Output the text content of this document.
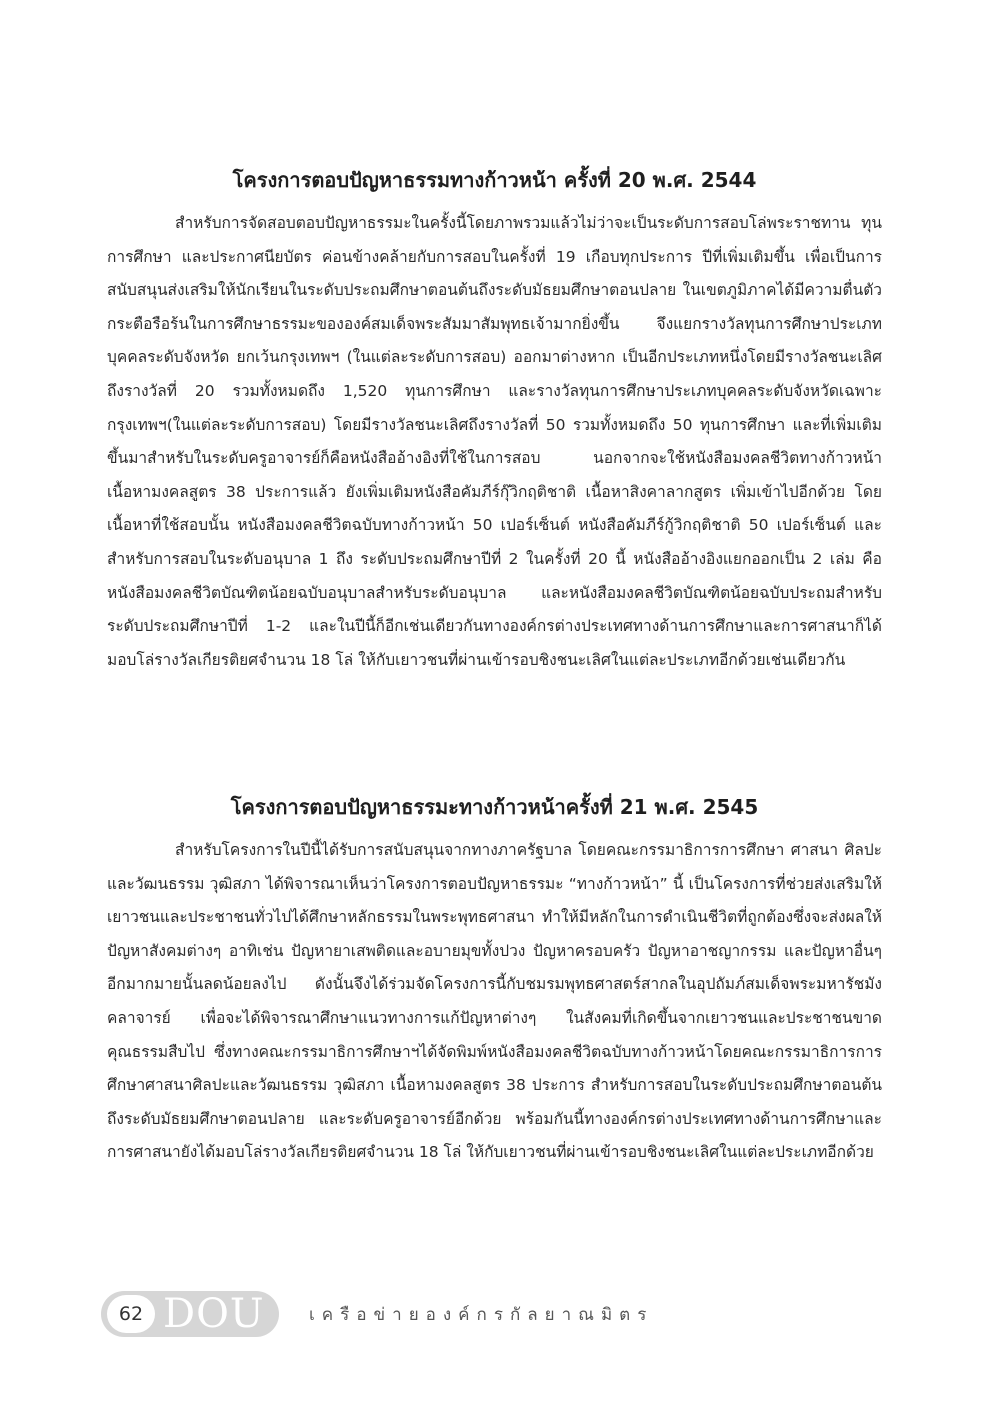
โครงการตอบปัญหาธรรมทางก้าวหน้า ครั้งที่ 20 พ.ศ. 2544

สำหรับการจัดสอบตอบปัญหาธรรมะในครั้งนี้โดยภาพรวมแล้วไม่ว่าจะเป็นระดับการสอบโล่พระราชทาน ทุนการศึกษา และประกาศนียบัตร ค่อนข้างคล้ายกับการสอบในครั้งที่ 19 เกือบทุกประการ ปีที่เพิ่มเติมขึ้น เพื่อเป็นการสนับสนุนส่งเสริมให้นักเรียนในระดับประถมศึกษาตอนต้นถึงระดับมัธยมศึกษาตอนปลาย ในเขตภูมิภาคได้มีความตื่นตัว กระตือรือร้นในการศึกษาธรรมะขององค์สมเด็จพระสัมมาสัมพุทธเจ้ามากยิ่งขึ้น จึงแยกรางวัลทุนการศึกษาประเภทบุคคลระดับจังหวัด ยกเว้นกรุงเทพฯ (ในแต่ละระดับการสอบ) ออกมาต่างหาก เป็นอีกประเภทหนึ่งโดยมีรางวัลชนะเลิศถึงรางวัลที่ 20 รวมทั้งหมดถึง 1,520 ทุนการศึกษา และรางวัลทุนการศึกษาประเภทบุคคลระดับจังหวัดเฉพาะกรุงเทพฯ(ในแต่ละระดับการสอบ) โดยมีรางวัลชนะเลิศถึงรางวัลที่ 50 รวมทั้งหมดถึง 50 ทุนการศึกษา และที่เพิ่มเติมขึ้นมาสำหรับในระดับครูอาจารย์ก็คือหนังสืออ้างอิงที่ใช้ในการสอบ นอกจากจะใช้หนังสือมงคลชีวิตทางก้าวหน้า เนื้อหามงคลสูตร 38 ประการแล้ว ยังเพิ่มเติมหนังสือคัมภีร์กุ๊วิกฤติชาติ เนื้อหาสิงคาลากสูตร เพิ่มเข้าไปอีกด้วย โดยเนื้อหาที่ใช้สอบนั้น หนังสือมงคลชีวิตฉบับทางก้าวหน้า 50 เปอร์เซ็นต์ หนังสือคัมภีร์กู้วิกฤติชาติ 50 เปอร์เซ็นต์ และสำหรับการสอบในระดับอนุบาล 1 ถึง ระดับประถมศึกษาปีที่ 2 ในครั้งที่ 20 นี้ หนังสืออ้างอิงแยกออกเป็น 2 เล่ม คือ หนังสือมงคลชีวิตบัณฑิตน้อยฉบับอนุบาลสำหรับระดับอนุบาล และหนังสือมงคลชีวิตบัณฑิตน้อยฉบับประถมสำหรับระดับประถมศึกษาปีที่ 1-2 และในปีนี้ก็อีกเช่นเดียวกันทางองค์กรต่างประเทศทางด้านการศึกษาและการศาสนาก็ได้มอบโล่รางวัลเกียรติยศจำนวน 18 โล่ ให้กับเยาวชนที่ผ่านเข้ารอบชิงชนะเลิศในแต่ละประเภทอีกด้วยเช่นเดียวกัน

โครงการตอบปัญหาธรรมะทางก้าวหน้าครั้งที่ 21 พ.ศ. 2545

สำหรับโครงการในปีนี้ได้รับการสนับสนุนจากทางภาครัฐบาล โดยคณะกรรมาธิการการศึกษา ศาสนา ศิลปะและวัฒนธรรม วุฒิสภา ได้พิจารณาเห็นว่าโครงการตอบปัญหาธรรมะ “ทางก้าวหน้า” นี้ เป็นโครงการที่ช่วยส่งเสริมให้เยาวชนและประชาชนทั่วไปได้ศึกษาหลักธรรมในพระพุทธศาสนา ทำให้มีหลักในการดำเนินชีวิตที่ถูกต้องซึ่งจะส่งผลให้ปัญหาสังคมต่างๆ อาทิเช่น ปัญหายาเสพติดและอบายมุขทั้งปวง ปัญหาครอบครัว ปัญหาอาชญากรรม และปัญหาอื่นๆ อีกมากมายนั้นลดน้อยลงไป ดังนั้นจึงได้ร่วมจัดโครงการนี้กับชมรมพุทธศาสตร์สากลในอุปถัมภ์สมเด็จพระมหารัชมังคลาจารย์ เพื่อจะได้พิจารณาศึกษาแนวทางการแก้ปัญหาต่างๆ ในสังคมที่เกิดขึ้นจากเยาวชนและประชาชนขาดคุณธรรมสืบไป ซึ่งทางคณะกรรมาธิการศึกษาฯได้จัดพิมพ์หนังสือมงคลชีวิตฉบับทางก้าวหน้าโดยคณะกรรมาธิการการศึกษาศาสนาศิลปะและวัฒนธรรม วุฒิสภา เนื้อหามงคลสูตร 38 ประการ สำหรับการสอบในระดับประถมศึกษาตอนต้นถึงระดับมัธยมศึกษาตอนปลาย และระดับครูอาจารย์อีกด้วย พร้อมกันนี้ทางองค์กรต่างประเทศทางด้านการศึกษาและการศาสนายังได้มอบโล่รางวัลเกียรติยศจำนวน 18 โล่ ให้กับเยาวชนที่ผ่านเข้ารอบชิงชนะเลิศในแต่ละประเภทอีกด้วย

62 DOU	เครือข่ายองค์กรกัลยาณมิตร
